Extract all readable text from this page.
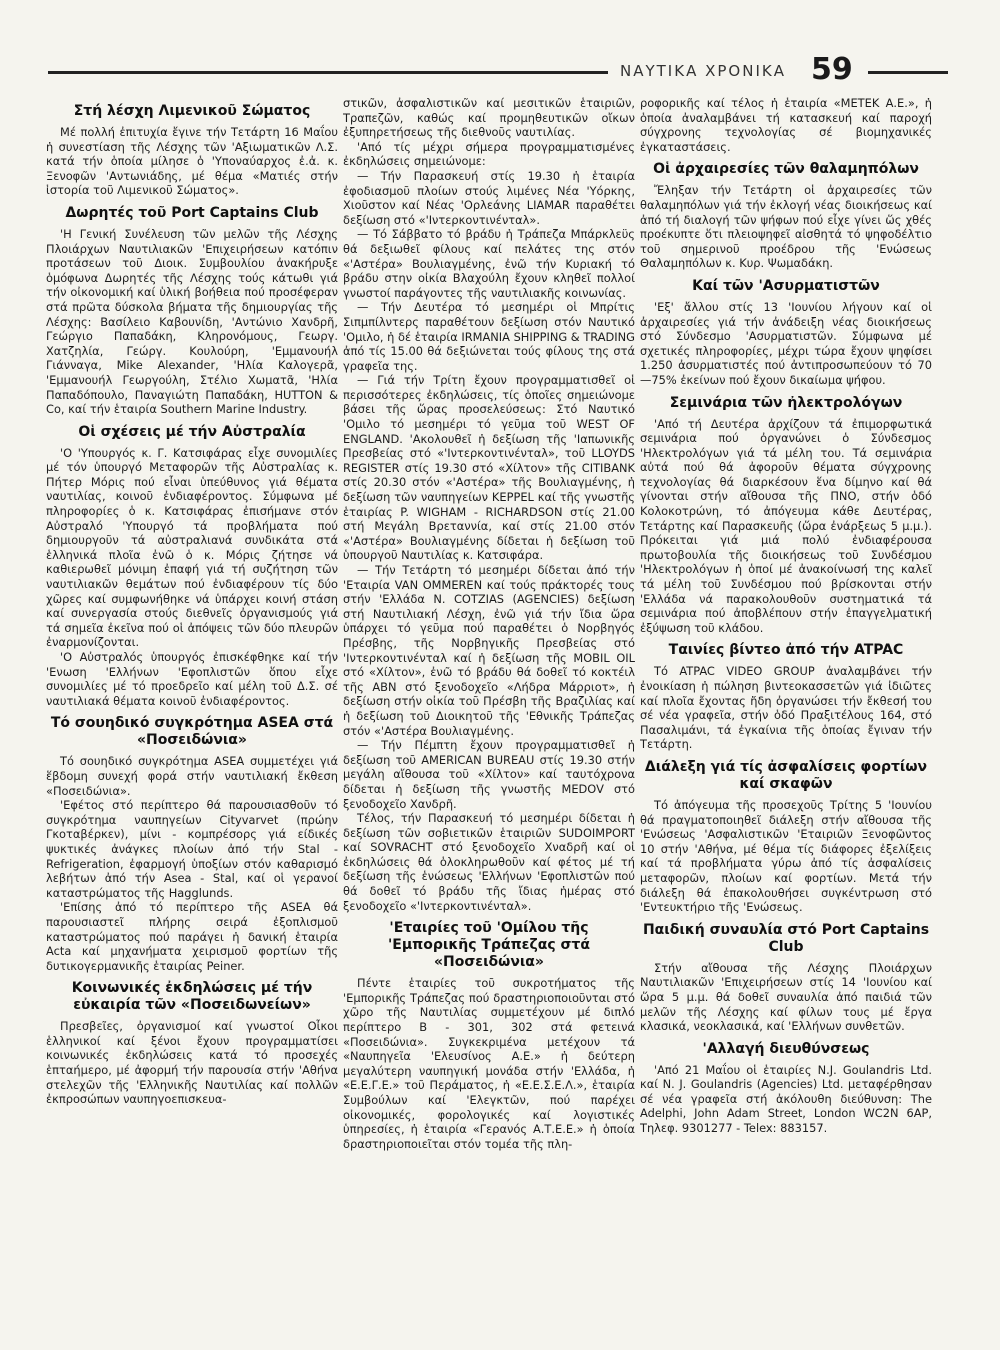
ΝΑΥΤΙΚΑ ΧΡΟΝΙΚΑ 59
Στή λέσχη Λιμενικοῦ Σώματος

Μέ πολλή ἐπιτυχία ἔγινε τήν Τετάρτη 16 Μαΐου ἡ συνεστίαση τῆς Λέσχης τῶν 'Αξιωματικῶν Λ.Σ. κατά τήν ὁποία μίλησε ὁ 'Υποναύαρχος ἐ.ἀ. κ. Ξενοφῶν 'Αντωνιάδης, μέ θέμα «Ματιές στήν ἱστορία τοῦ Λιμενικοῦ Σώματος».

Δωρητές τοῦ Port Captains Club

'Η Γενική Συνέλευση τῶν μελῶν τῆς Λέσχης Πλοιάρχων Ναυτιλιακῶν 'Επιχειρήσεων κατόπιν προτάσεων τοῦ Διοικ. Συμβουλίου ἀνακήρυξε ὁμόφωνα Δωρητές τῆς Λέσχης τούς κάτωθι γιά τήν οἰκονομική καί ὑλική βοήθεια πού προσέφεραν στά πρῶτα δύσκολα βήματα τῆς δημιουργίας τῆς Λέσχης: Βασίλειο Καβουνίδη, 'Αντώνιο Χανδρῆ, Γεώργιο Παπαδάκη, Κληρονόμους, Γεωργ. Χατζηλία, Γεώργ. Κουλούρη, 'Εμμανουήλ Γιάνναγα, Mike Alexander, 'Ηλία Καλογερᾶ, 'Εμμανουήλ Γεωργούλη, Στέλιο Χωματᾶ, 'Ηλία Παπαδόπουλο, Παναγιώτη Παπαδάκη, HUTTON & Co, καί τήν ἑταιρία Southern Marine Industry.

Οἱ σχέσεις μέ τήν Αὐστραλία

'Ο 'Υπουργός κ. Γ. Κατσιφάρας εἶχε συνομιλίες μέ τόν ὑπουργό Μεταφορῶν τῆς Αὐστραλίας κ. Πήτερ Μόρις πού εἶναι ὑπεύθυνος γιά θέματα ναυτιλίας, κοινοῦ ἐνδιαφέροντος. Σύμφωνα μέ πληροφορίες ὁ κ. Κατσιφάρας ἐπισήμανε στόν Αὐστραλό 'Υπουργό τά προβλήματα πού δημιουργοῦν τά αὐστραλιανά συνδικάτα στά ἑλληνικά πλοῖα ἐνῶ ὁ κ. Μόρις ζήτησε νά καθιερωθεῖ μόνιμη ἐπαφή γιά τή συζήτηση τῶν ναυτιλιακῶν θεμάτων πού ἐνδιαφέρουν τίς δύο χῶρες καί συμφωνήθηκε νά ὑπάρχει κοινή στάση καί συνεργασία στούς διεθνεῖς ὀργανισμούς γιά τά σημεῖα ἐκεῖνα πού οἱ ἀπόψεις τῶν δύο πλευρῶν ἐναρμονίζονται.

'Ο Αὐστραλός ὑπουργός ἐπισκέφθηκε καί τήν 'Ενωση 'Ελλήνων 'Εφοπλιστῶν ὅπου εἶχε συνομιλίες μέ τό προεδρεῖο καί μέλη τοῦ Δ.Σ. σέ ναυτιλιακά θέματα κοινοῦ ἐνδιαφέροντος.

Τό σουηδικό συγκρότημα ASEA στά «Ποσειδώνια»

Τό σουηδικό συγκρότημα ASEA συμμετέχει γιά ἕβδομη συνεχή φορά στήν ναυτιλιακή ἔκθεση «Ποσειδώνια».

'Εφέτος στό περίπτερο θά παρουσιασθοῦν τό συγκρότημα ναυπηγείων Cityvarvet (πρώην Γκοταβέρκεν), μίνι - κομπρέσορς γιά είδικές ψυκτικές ἀνάγκες πλοίων ἀπό τήν Stal - Refrigeration, ἐφαρμογή ὑποξίων στόν καθαρισμό λεβήτων ἀπό τήν Asea - Stal, καί οἱ γερανοί καταστρώματος τῆς Hagglunds.

'Επίσης ἀπό τό περίπτερο τῆς ASEA θά παρουσιαστεῖ πλήρης σειρά ἐξοπλισμοῦ καταστρώματος πού παράγει ἡ δανική ἑταιρία Acta καί μηχανήματα χειρισμοῦ φορτίων τῆς δυτικογερμανικῆς ἑταιρίας Peiner.

Κοινωνικές ἐκδηλώσεις μέ τήν εὐκαιρία τῶν «Ποσειδωνείων»

Πρεσβεῖες, ὀργανισμοί καί γνωστοί Οἶκοι ἑλληνικοί καί ξένοι ἔχουν προγραμματίσει κοινωνικές ἐκδηλώσεις κατά τό προσεχές ἑπταήμερο, μέ ἀφορμή τήν παρουσία στήν 'Αθήνα στελεχῶν τῆς 'Ελληνικῆς Ναυτιλίας καί πολλῶν ἐκπροσώπων ναυπηγοεπισκευα-

στικῶν, ἀσφαλιστικῶν καί μεσιτικῶν ἑταιριῶν, Τραπεζῶν, καθώς καί προμηθευτικῶν οἴκων ἐξυπηρετήσεως τῆς διεθνοῦς ναυτιλίας.

'Από τίς μέχρι σήμερα προγραμματισμένες ἐκδηλώσεις σημειώνομε:

— Τήν Παρασκευή στίς 19.30 ἡ ἑταιρία ἐφοδιασμοῦ πλοίων στούς λιμένες Νέα 'Υόρκης, Χιοῦστον καί Νέας 'Ορλεάνης LIAMAR παραθέτει δεξίωση στό «'Ιντερκοντινένταλ».

— Τό Σάββατο τό βράδυ ἡ Τράπεζα Μπάρκλεϋς θά δεξιωθεῖ φίλους καί πελάτες της στόν «'Αστέρα» Βουλιαγμένης, ἐνῶ τήν Κυριακή τό βράδυ στην οἰκία Βλαχούλη ἔχουν κληθεῖ πολλοί γνωστοί παράγοντες τῆς ναυτιλιακῆς κοινωνίας.

— Τήν Δευτέρα τό μεσημέρι οἱ Μπρίτις Σιπμπίλντερς παραθέτουν δεξίωση στόν Ναυτικό 'Ομιλο, ἡ δέ ἑταιρία IRMANIA SHIPPING & TRADING ἀπό τίς 15.00 θά δεξιώνεται τούς φίλους της στά γραφεῖα της.

— Γιά τήν Τρίτη ἔχουν προγραμματισθεῖ οἱ περισσότερες ἐκδηλώσεις, τίς ὁποῖες σημειώνομε βάσει τῆς ὥρας προσελεύσεως: Στό Ναυτικό 'Ομιλο τό μεσημέρι τό γεῦμα τοῦ WEST OF ENGLAND. 'Ακολουθεῖ ἡ δεξίωση τῆς 'Ιαπωνικῆς Πρεσβείας στό «'Ιντερκοντινένταλ», τοῦ LLOYDS REGISTER στίς 19.30 στό «Χίλτον» τῆς CITIBANK στίς 20.30 στόν «'Αστέρα» τῆς Βουλιαγμένης, ἡ δεξίωση τῶν ναυπηγείων KEPPEL καί τῆς γνωστῆς ἑταιρίας P. WIGHAM - RICHARDSON στίς 21.00 στή Μεγάλη Βρεταννία, καί στίς 21.00 στόν «'Αστέρα» Βουλιαγμένης δίδεται ἡ δεξίωση τοῦ ὑπουργοῦ Ναυτιλίας κ. Κατσιφάρα.

— Τήν Τετάρτη τό μεσημέρι δίδεται ἀπό τήν 'Εταιρία VAN OMMEREN καί τούς πράκτορές τους στήν 'Ελλάδα N. COTZIAS (AGENCIES) δεξίωση στή Ναυτιλιακή Λέσχη, ἐνῶ γιά τήν ἴδια ὥρα ὑπάρχει τό γεῦμα πού παραθέτει ὁ Νορβηγός Πρέσβης, τῆς Νορβηγικῆς Πρεσβείας στό 'Ιντερκοντινένταλ καί ἡ δεξίωση τῆς MOBIL OIL στό «Χίλτον», ἐνῶ τό βράδυ θά δοθεῖ τό κοκτέιλ τῆς ABN στό ξενοδοχεῖο «Λήδρα Μάρριοτ», ἡ δεξίωση στήν οἰκία τοῦ Πρέσβη τῆς Βραζιλίας καί ἡ δεξίωση τοῦ Διοικητοῦ τῆς 'Εθνικῆς Τράπεζας στόν «'Αστέρα Βουλιαγμένης.

— Τήν Πέμπτη ἔχουν προγραμματισθεῖ ἡ δεξίωση τοῦ AMERICAN BUREAU στίς 19.30 στήν μεγάλη αἴθουσα τοῦ «Χίλτον» καί ταυτόχρονα δίδεται ἡ δεξίωση τῆς γνωστῆς MEDOV στό ξενοδοχεῖο Χανδρῆ.

Τέλος, τήν Παρασκευή τό μεσημέρι δίδεται ἡ δεξίωση τῶν σοβιετικῶν ἑταιριῶν SUDOIMPORT καί SOVRACHT στό ξενοδοχεῖο Χναδρῆ καί οἱ ἐκδηλώσεις θά ὁλοκληρωθοῦν καί φέτος μέ τή δεξίωση τῆς ἑνώσεως 'Ελλήνων 'Εφοπλιστῶν πού θά δοθεῖ τό βράδυ τῆς ἴδιας ἡμέρας στό ξενοδοχεῖο «'Ιντερκοντινένταλ».

'Εταιρίες τοῦ 'Ομίλου τῆς 'Εμπορικῆς Τράπεζας στά «Ποσειδώνια»

Πέντε ἑταιρίες τοῦ συκροτήματος τῆς 'Εμπορικῆς Τράπεζας πού δραστηριοποιοῦνται στό χῶρο τῆς Ναυτιλίας συμμετέχουν μέ διπλό περίπτερο Β - 301, 302 στά φετεινά «Ποσειδώνια». Συγκεκριμένα μετέχουν τά «Ναυπηγεῖα 'Ελευσίνος Α.Ε.» ἡ δεύτερη μεγαλύτερη ναυπηγική μονάδα στήν 'Ελλάδα, ἡ «Ε.Ε.Γ.Ε.» τοῦ Περάματος, ἡ «Ε.Ε.Σ.Ε.Λ.», ἑταιρία Συμβούλων καί 'Ελεγκτῶν, πού παρέχει οἰκονομικές, φορολογικές καί λογιστικές ὑπηρεσίες, ἡ ἑταιρία «Γερανός Α.Τ.Ε.Ε.» ἡ ὁποία δραστηριοποιεῖται στόν τομέα τῆς πλη-

ροφορικῆς καί τέλος ἡ ἑταιρία «ΜΕΤΕΚ Α.Ε.», ἡ ὁποία ἀναλαμβάνει τή κατασκευή καί παροχή σύγχρονης τεχνολογίας σέ βιομηχανικές ἐγκαταστάσεις.

Οἱ ἀρχαιρεσίες τῶν θαλαμηπόλων

Ἔληξαν τήν Τετάρτη οἱ ἀρχαιρεσίες τῶν θαλαμηπόλων γιά τήν ἐκλογή νέας διοικήσεως καί ἀπό τή διαλογή τῶν ψήφων πού εἶχε γίνει ὥς χθές προέκυπτε ὅτι πλειοψηφεῖ αἰσθητά τό ψηφοδέλτιο τοῦ σημερινοῦ προέδρου τῆς 'Ενώσεως Θαλαμηπόλων κ. Κυρ. Ψωμαδάκη.

Καί τῶν 'Ασυρματιστῶν

'Εξ' ἄλλου στίς 13 'Ιουνίου λήγουν καί οἱ ἀρχαιρεσίες γιά τήν ἀνάδειξη νέας διοικήσεως στό Σύνδεσμο 'Ασυρματιστῶν. Σύμφωνα μέ σχετικές πληροφορίες, μέχρι τώρα ἔχουν ψηφίσει 1.250 ἀσυρματιστές πού ἀντιπροσωπεύουν τό 70—75% ἐκείνων πού ἔχουν δικαίωμα ψήφου.

Σεμινάρια τῶν ἠλεκτρολόγων

'Από τή Δευτέρα ἀρχίζουν τά ἐπιμορφωτικά σεμινάρια πού ὀργανώνει ὁ Σύνδεσμος 'Ηλεκτρολόγων γιά τά μέλη του. Τά σεμινάρια αὐτά πού θά ἀφοροῦν θέματα σύγχρονης τεχνολογίας θά διαρκέσουν ἕνα δίμηνο καί θά γίνονται στήν αἴθουσα τῆς ΠΝΟ, στήν ὁδό Κολοκοτρώνη, τό ἀπόγευμα κάθε Δευτέρας, Τετάρτης καί Παρασκευῆς (ὥρα ἐνάρξεως 5 μ.μ.). Πρόκειται γιά μιά πολύ ἐνδιαφέρουσα πρωτοβουλία τῆς διοικήσεως τοῦ Συνδέσμου 'Ηλεκτρολόγων ἡ ὁποί μέ ἀνακοίνωσή της καλεῖ τά μέλη τοῦ Συνδέσμου πού βρίσκονται στήν 'Ελλάδα νά παρακολουθοῦν συστηματικά τά σεμινάρια πού ἀποβλέπουν στήν ἐπαγγελματική ἐξύψωση τοῦ κλάδου.

Ταινίες βίντεο ἀπό τήν ATPAC

Τό ATPAC VIDEO GROUP ἀναλαμβάνει τήν ἐνοικίαση ἡ πώληση βιντεοκασσετῶν γιά ἰδιῶτες καί πλοῖα ἔχοντας ἤδη ὀργανώσει τήν ἔκθεσή του σέ νέα γραφεῖα, στήν ὁδό Πραξιτέλους 164, στό Πασαλιμάνι, τά ἐγκαίνια τῆς ὁποίας ἔγιναν τήν Τετάρτη.

Διάλεξη γιά τίς ἀσφαλίσεις φορτίων καί σκαφῶν

Τό ἀπόγευμα τῆς προσεχοῦς Τρίτης 5 'Ιουνίου θά πραγματοποιηθεῖ διάλεξη στήν αἴθουσα τῆς 'Ενώσεως 'Ασφαλιστικῶν 'Εταιριῶν Ξενοφῶντος 10 στήν 'Αθήνα, μέ θέμα τίς διάφορες ἐξελίξεις καί τά προβλήματα γύρω ἀπό τίς ἀσφαλίσεις μεταφορῶν, πλοίων καί φορτίων. Μετά τήν διάλεξη θά ἐπακολουθήσει συγκέντρωση στό 'Εντευκτήριο τῆς 'Ενώσεως.

Παιδική συναυλία στό Port Captains Club

Στήν αἴθουσα τῆς Λέσχης Πλοιάρχων Ναυτιλιακῶν 'Επιχειρήσεων στίς 14 'Ιουνίου καί ὥρα 5 μ.μ. θά δοθεῖ συναυλία ἀπό παιδιά τῶν μελῶν τῆς Λέσχης καί φίλων τους μέ ἔργα κλασικά, νεοκλασικά, καί 'Ελλήνων συνθετῶν.

'Αλλαγή διευθύνσεως

'Από 21 Μαΐου οἱ ἑταιρίες N.J. Goulandris Ltd. καί N. J. Goulandris (Agencies) Ltd. μεταφέρθησαν σέ νέα γραφεῖα στή ἀκόλουθη διεύθυνση: The Adelphi, John Adam Street, London WC2N 6AP, Τηλεφ. 9301277 - Telex: 883157.
